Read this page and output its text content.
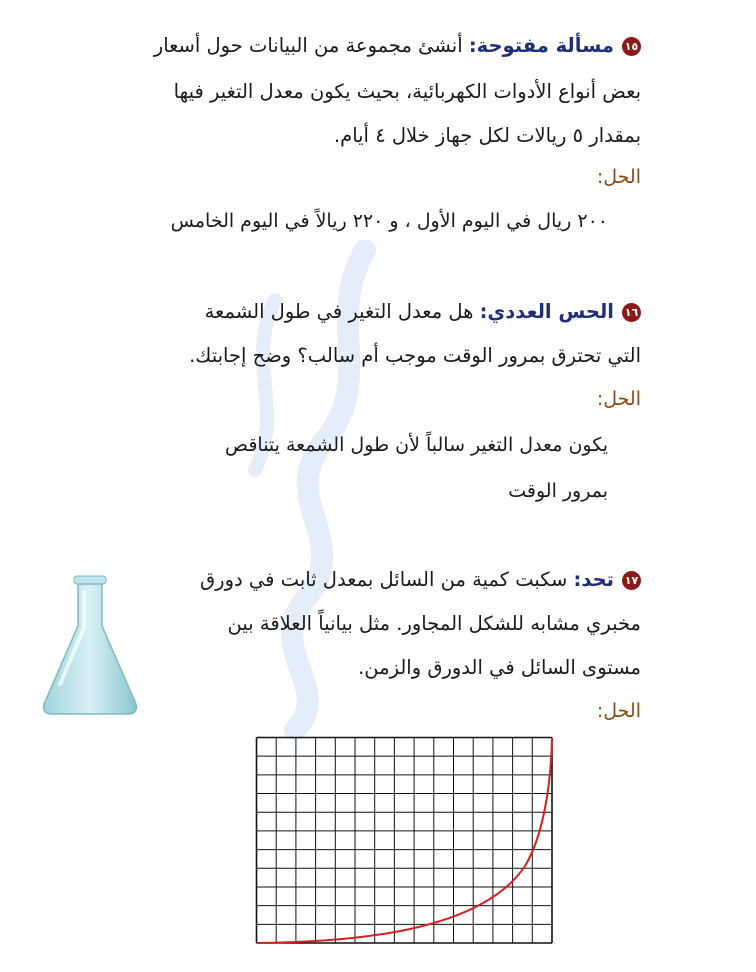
١٥مسألة مفتوحة: أنشئ مجموعة من البيانات حول أسعار
بعض أنواع الأدوات الكهربائية، بحيث يكون معدل التغير فيها
بمقدار ٥ ريالات لكل جهاز خلال ٤ أيام.
الحل:
٢٠٠ ريال في اليوم الأول ، و ٢٢٠ ريالاً في اليوم الخامس
١٦الحس العددي: هل معدل التغير في طول الشمعة
التي تحترق بمرور الوقت موجب أم سالب؟ وضح إجابتك.
الحل:
يكون معدل التغير سالباً لأن طول الشمعة يتناقص
بمرور الوقت
١٧تحد: سكبت كمية من السائل بمعدل ثابت في دورق
مخبري مشابه للشكل المجاور. مثل بيانياً العلاقة بين
مستوى السائل في الدورق والزمن.
الحل:
